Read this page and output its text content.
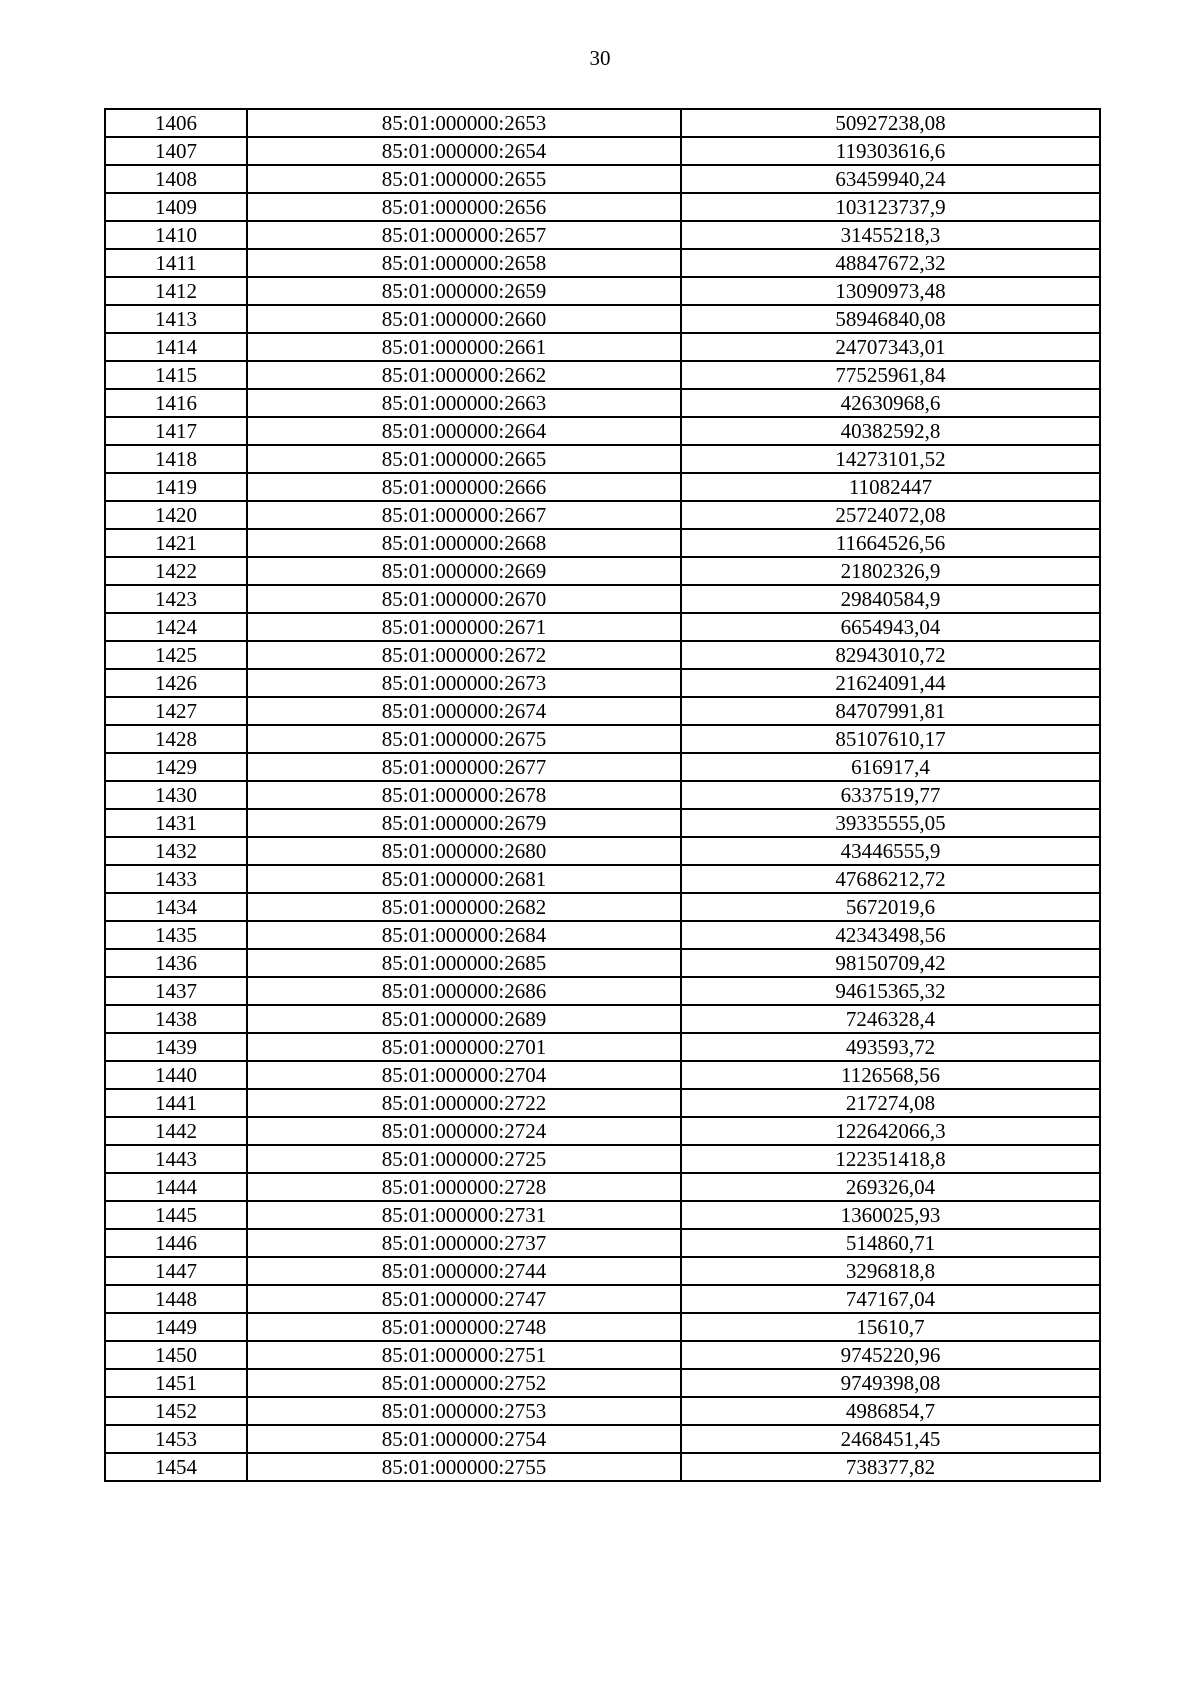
30
1406	85:01:000000:2653	50927238,08
1407	85:01:000000:2654	119303616,6
1408	85:01:000000:2655	63459940,24
1409	85:01:000000:2656	103123737,9
1410	85:01:000000:2657	31455218,3
1411	85:01:000000:2658	48847672,32
1412	85:01:000000:2659	13090973,48
1413	85:01:000000:2660	58946840,08
1414	85:01:000000:2661	24707343,01
1415	85:01:000000:2662	77525961,84
1416	85:01:000000:2663	42630968,6
1417	85:01:000000:2664	40382592,8
1418	85:01:000000:2665	14273101,52
1419	85:01:000000:2666	11082447
1420	85:01:000000:2667	25724072,08
1421	85:01:000000:2668	11664526,56
1422	85:01:000000:2669	21802326,9
1423	85:01:000000:2670	29840584,9
1424	85:01:000000:2671	6654943,04
1425	85:01:000000:2672	82943010,72
1426	85:01:000000:2673	21624091,44
1427	85:01:000000:2674	84707991,81
1428	85:01:000000:2675	85107610,17
1429	85:01:000000:2677	616917,4
1430	85:01:000000:2678	6337519,77
1431	85:01:000000:2679	39335555,05
1432	85:01:000000:2680	43446555,9
1433	85:01:000000:2681	47686212,72
1434	85:01:000000:2682	5672019,6
1435	85:01:000000:2684	42343498,56
1436	85:01:000000:2685	98150709,42
1437	85:01:000000:2686	94615365,32
1438	85:01:000000:2689	7246328,4
1439	85:01:000000:2701	493593,72
1440	85:01:000000:2704	1126568,56
1441	85:01:000000:2722	217274,08
1442	85:01:000000:2724	122642066,3
1443	85:01:000000:2725	122351418,8
1444	85:01:000000:2728	269326,04
1445	85:01:000000:2731	1360025,93
1446	85:01:000000:2737	514860,71
1447	85:01:000000:2744	3296818,8
1448	85:01:000000:2747	747167,04
1449	85:01:000000:2748	15610,7
1450	85:01:000000:2751	9745220,96
1451	85:01:000000:2752	9749398,08
1452	85:01:000000:2753	4986854,7
1453	85:01:000000:2754	2468451,45
1454	85:01:000000:2755	738377,82
